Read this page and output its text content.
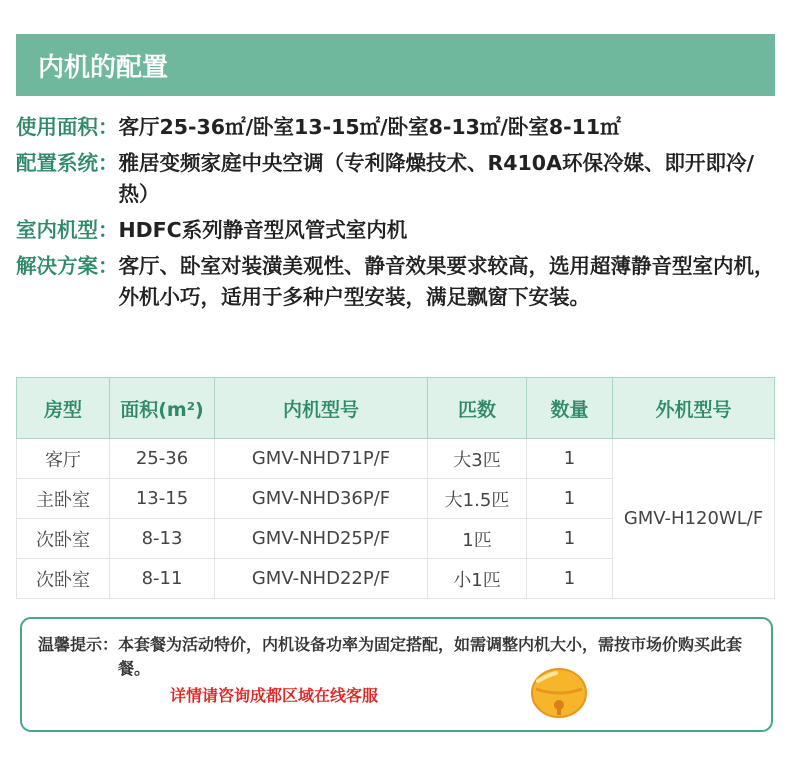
内机的配置
使用面积： 客厅25-36㎡/卧室13-15㎡/卧室8-13㎡/卧室8-11㎡
配置系统： 雅居变频家庭中央空调（专利降燥技术、R410A环保冷媒、即开即冷/热）
室内机型： HDFC系列静音型风管式室内机
解决方案： 客厅、卧室对装潢美观性、静音效果要求较高，选用超薄静音型室内机，外机小巧，适用于多种户型安装，满足飘窗下安装。
房型	面积(m²)	内机型号	匹数	数量	外机型号
客厅	25-36	GMV-NHD71P/F	大3匹	1	GMV-H120WL/F
主卧室	13-15	GMV-NHD36P/F	大1.5匹	1	
次卧室	8-13	GMV-NHD25P/F	1匹	1	
次卧室	8-11	GMV-NHD22P/F	小1匹	1	
温馨提示： 本套餐为活动特价，内机设备功率为固定搭配，如需调整内机大小，需按市场价购买此套餐。
详情请咨询成都区域在线客服
